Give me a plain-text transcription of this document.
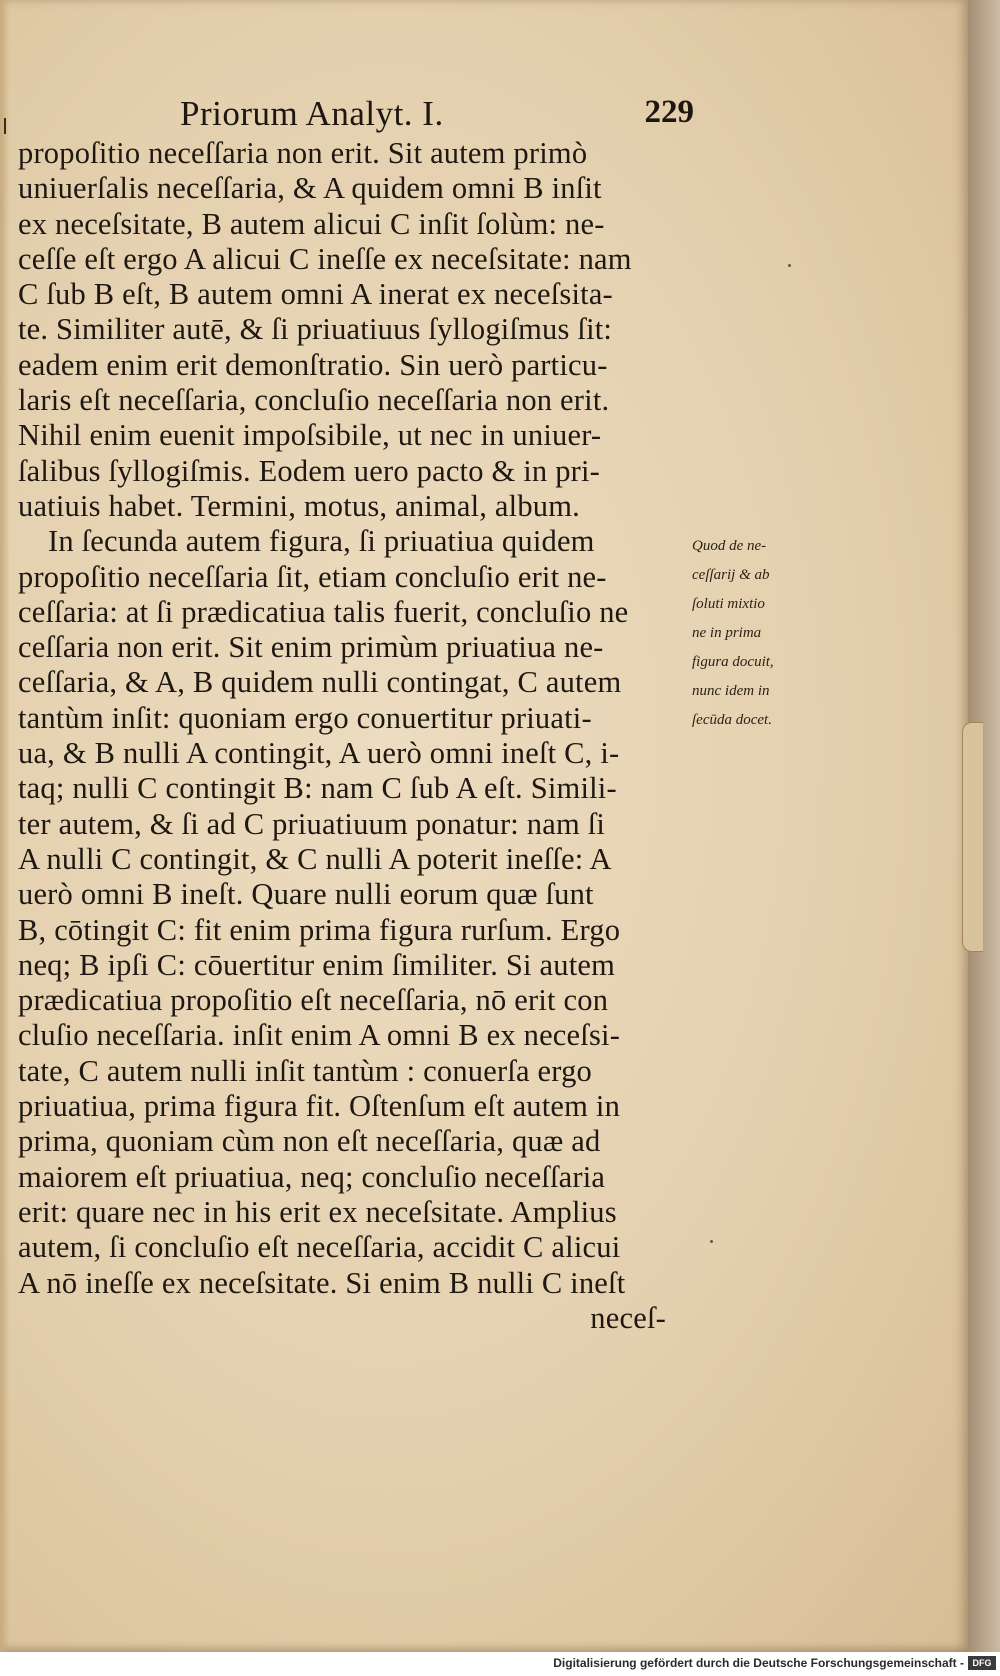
Priorum Analyt. I.	229
propoſitio neceſſaria non erit. Sit autem primò
uniuerſalis neceſſaria, & A quidem omni B inſit
ex neceſsitate, B autem alicui C inſit ſolùm: ne-
ceſſe eſt ergo A alicui C ineſſe ex neceſsitate: nam
C ſub B eſt, B autem omni A inerat ex neceſsita-
te. Similiter autē, & ſi priuatiuus ſyllogiſmus ſit:
eadem enim erit demonſtratio. Sin uerò particu-
laris eſt neceſſaria, concluſio neceſſaria non erit.
Nihil enim euenit impoſsibile, ut nec in uniuer-
ſalibus ſyllogiſmis. Eodem uero pacto & in pri-
uatiuis habet. Termini, motus, animal, album.
In ſecunda autem figura, ſi priuatiua quidem
propoſitio neceſſaria ſit, etiam concluſio erit ne-
ceſſaria: at ſi prædicatiua talis fuerit, concluſio ne
ceſſaria non erit. Sit enim primùm priuatiua ne-
ceſſaria, & A, B quidem nulli contingat, C autem
tantùm inſit: quoniam ergo conuertitur priuati-
ua, & B nulli A contingit, A uerò omni ineſt C, i-
taq; nulli C contingit B: nam C ſub A eſt. Simili-
ter autem, & ſi ad C priuatiuum ponatur: nam ſi
A nulli C contingit, & C nulli A poterit ineſſe: A
uerò omni B ineſt. Quare nulli eorum quæ ſunt
B, cōtingit C: fit enim prima figura rurſum. Ergo
neq; B ipſi C: cōuertitur enim ſimiliter. Si autem
prædicatiua propoſitio eſt neceſſaria, nō erit con
cluſio neceſſaria. inſit enim A omni B ex neceſsi-
tate, C autem nulli inſit tantùm : conuerſa ergo
priuatiua, prima figura fit. Oſtenſum eſt autem in
prima, quoniam cùm non eſt neceſſaria, quæ ad
maiorem eſt priuatiua, neq; concluſio neceſſaria
erit: quare nec in his erit ex neceſsitate. Amplius
autem, ſi concluſio eſt neceſſaria, accidit C alicui
A nō ineſſe ex neceſsitate. Si enim B nulli C ineſt
neceſ-
Quod de ne-
ceſſarij & ab
ſoluti mixtio
ne in prima
figura docuit,
nunc idem in
ſecūda docet.
Digitalisierung gefördert durch die Deutsche Forschungsgemeinschaft - DFG
